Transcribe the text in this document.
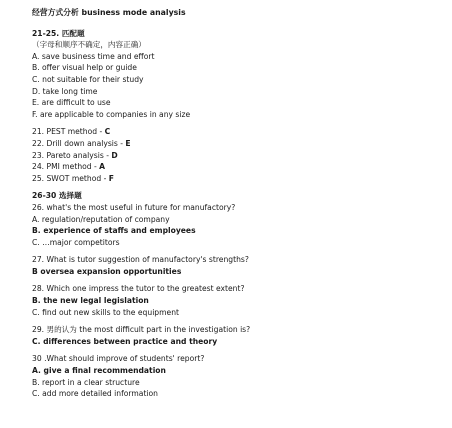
经营方式分析 business mode analysis
21-25. 匹配题
（字母和顺序不确定，内容正确）
A. save business time and effort
B. offer visual help or guide
C. not suitable for their study
D. take long time
E. are difficult to use
F. are applicable to companies in any size
21. PEST method - C
22. Drill down analysis - E
23. Pareto analysis - D
24. PMI method - A
25. SWOT method - F
26-30 选择题
26. what's the most useful in future for manufactory?
A. regulation/reputation of company
B. experience of staffs and employees
C. …major competitors
27. What is tutor suggestion of manufactory's strengths?
B oversea expansion opportunities
28. Which one impress the tutor to the greatest extent?
B. the new legal legislation
C. find out new skills to the equipment
29. 男的认为 the most difficult part in the investigation is?
C. differences between practice and theory
30 .What should improve of students' report?
A. give a final recommendation
B. report in a clear structure
C. add more detailed information
